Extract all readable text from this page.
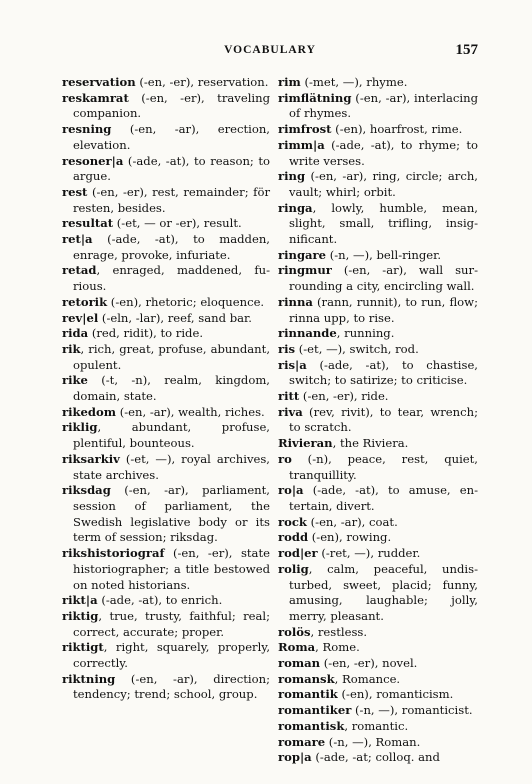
VOCABULARY	157
reservation (-en, -er), reservation.
reskamrat (-en, -er), traveling companion.
resning (-en, -ar), erection, elevation.
resoner|a (-ade, -at), to reason; to argue.
rest (-en, -er), rest, remainder; för resten, besides.
resultat (-et, — or -er), result.
ret|a (-ade, -at), to madden, enrage, provoke, infuriate.
retad, enraged, maddened, furious.
retorik (-en), rhetoric; eloquence.
rev|el (-eln, -lar), reef, sand bar.
rida (red, ridit), to ride.
rik, rich, great, profuse, abundant, opulent.
rike (-t, -n), realm, kingdom, domain, state.
rikedom (-en, -ar), wealth, riches.
riklig, abundant, profuse, plentiful, bounteous.
riksarkiv (-et, —), royal archives, state archives.
riksdag (-en, -ar), parliament, session of parliament, the Swedish legislative body or its term of session; riksdag.
rikshistoriograf (-en, -er), state historiographer; a title bestowed on noted historians.
rikt|a (-ade, -at), to enrich.
riktig, true, trusty, faithful; real; correct, accurate; proper.
riktigt, right, squarely, properly, correctly.
riktning (-en, -ar), direction; tendency; trend; school, group.
rim (-met, —), rhyme.
rimflätning (-en, -ar), interlacing of rhymes.
rimfrost (-en), hoarfrost, rime.
rimm|a (-ade, -at), to rhyme; to write verses.
ring (-en, -ar), ring, circle; arch, vault; whirl; orbit.
ringa, lowly, humble, mean, slight, small, trifling, insignificant.
ringare (-n, —), bell-ringer.
ringmur (-en, -ar), wall surrounding a city, encircling wall.
rinna (rann, runnit), to run, flow; rinna upp, to rise.
rinnande, running.
ris (-et, —), switch, rod.
ris|a (-ade, -at), to chastise, switch; to satirize; to criticise.
ritt (-en, -er), ride.
riva (rev, rivit), to tear, wrench; to scratch.
Rivieran, the Riviera.
ro (-n), peace, rest, quiet, tranquillity.
ro|a (-ade, -at), to amuse, entertain, divert.
rock (-en, -ar), coat.
rodd (-en), rowing.
rod|er (-ret, —), rudder.
rolig, calm, peaceful, undisturbed, sweet, placid; funny, amusing, laughable; jolly, merry, pleasant.
rolös, restless.
Roma, Rome.
roman (-en, -er), novel.
romansk, Romance.
romantik (-en), romanticism.
romantiker (-n, —), romanticist.
romantisk, romantic.
romare (-n, —), Roman.
rop|a (-ade, -at; colloq. and
